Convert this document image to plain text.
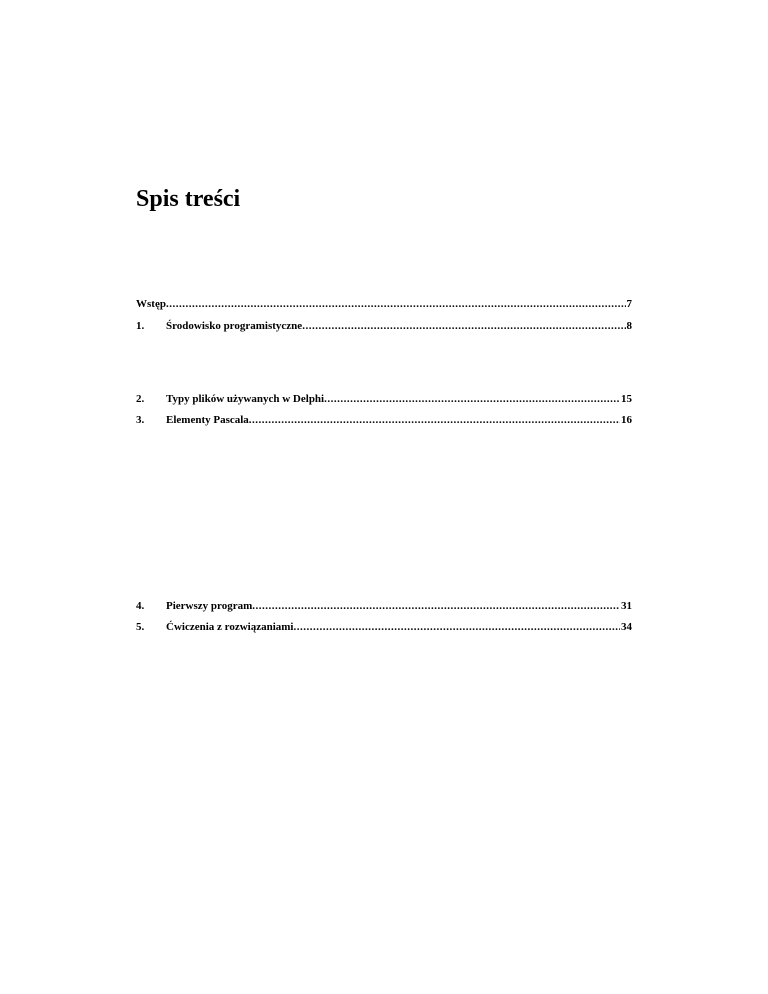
Spis treści
Wstęp .....	7
1.	Środowisko programistyczne .....	8
2.	Typy plików używanych w Delphi .....	15
3.	Elementy Pascala .....	16
4.	Pierwszy program .....	31
5.	Ćwiczenia z rozwiązaniami .....	34
